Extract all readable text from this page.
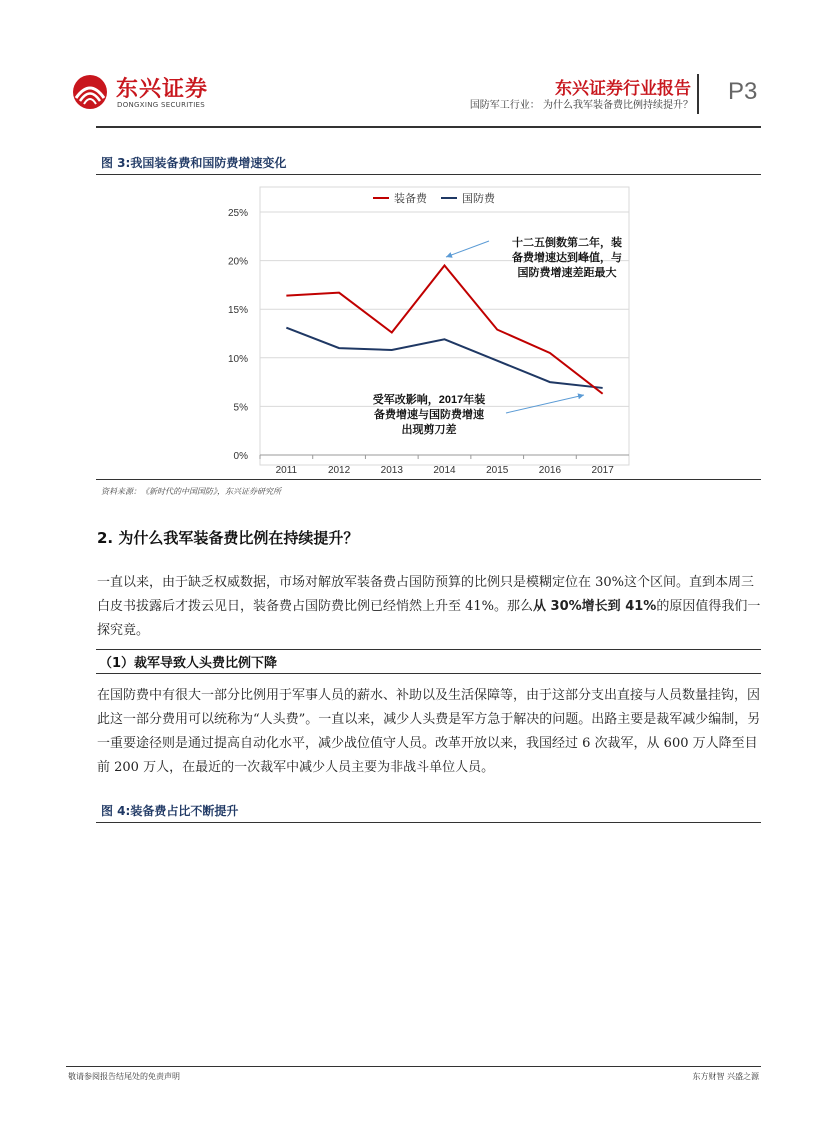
东兴证券
DONGXING SECURITIES
东兴证券行业报告
国防军工行业： 为什么我军装备费比例持续提升？
P3
图 3:我国装备费和国防费增速变化
0%
5%
10%
15%
20%
25%
2011	2012	2013	2014	2015	2016	2017
装备费	国防费
十二五倒数第二年，装
备费增速达到峰值，与
国防费增速差距最大
受军改影响，2017年装
备费增速与国防费增速
出现剪刀差
资料来源：《新时代的中国国防》，东兴证券研究所
2. 为什么我军装备费比例在持续提升？
一直以来，由于缺乏权威数据，市场对解放军装备费占国防预算的比例只是模糊定位在 30%这个区间。直到本周三白皮书拔露后才拨云见日，装备费占国防费比例已经悄然上升至 41%。那么从 30%增长到 41%的原因值得我们一探究竟。
（1）裁军导致人头费比例下降
在国防费中有很大一部分比例用于军事人员的薪水、补助以及生活保障等，由于这部分支出直接与人员数量挂钩，因此这一部分费用可以统称为“人头费”。一直以来，减少人头费是军方急于解决的问题。出路主要是裁军减少编制，另一重要途径则是通过提高自动化水平，减少战位值守人员。改革开放以来，我国经过 6 次裁军，从 600 万人降至目前 200 万人，在最近的一次裁军中减少人员主要为非战斗单位人员。
图 4:装备费占比不断提升
敬请参阅报告结尾处的免责声明	东方财智 兴盛之源
